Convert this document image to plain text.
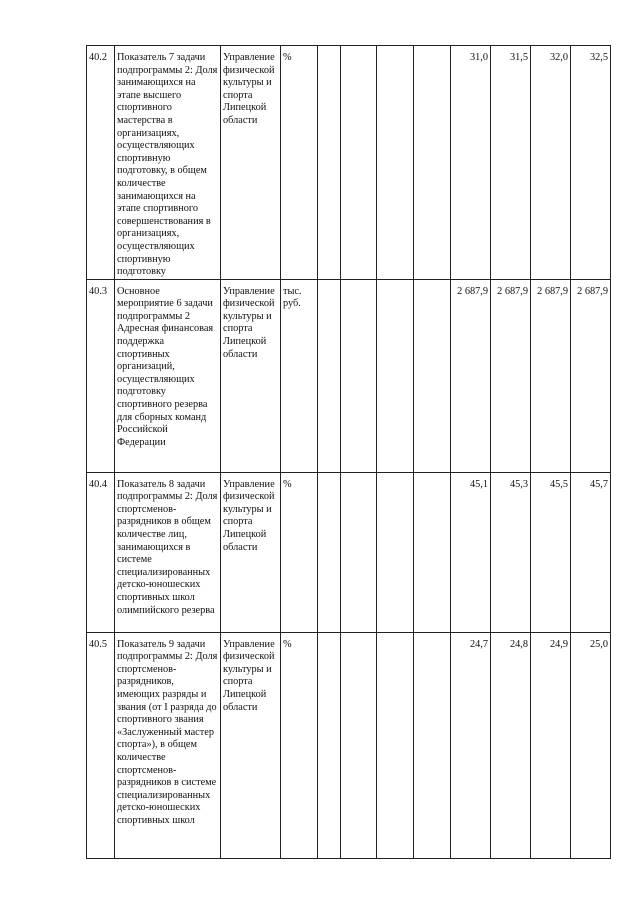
40.2	Показатель 7 задачи подпрограммы 2: Доля занимающихся на этапе высшего спортивного мастерства в организациях, осуществляющих спортивную подготовку, в общем количестве занимающихся на этапе спортивного совершенствования в организациях, осуществляющих спортивную подготовку	Управление физической культуры и спорта Липецкой области	%					31,0	31,5	32,0	32,5
40.3	Основное мероприятие 6 задачи подпрограммы 2 Адресная финансовая поддержка спортивных организаций, осуществляющих подготовку спортивного резерва для сборных команд Российской Федерации	Управление физической культуры и спорта Липецкой области	тыс. руб.					2 687,9	2 687,9	2 687,9	2 687,9
40.4	Показатель 8 задачи подпрограммы 2: Доля спортсменов-разрядников в общем количестве лиц, занимающихся в системе специализированных детско-юношеских спортивных школ олимпийского резерва	Управление физической культуры и спорта Липецкой области	%					45,1	45,3	45,5	45,7
40.5	Показатель 9 задачи подпрограммы 2: Доля спортсменов-разрядников, имеющих разряды и звания (от I разряда до спортивного звания «Заслуженный мастер спорта»), в общем количестве спортсменов-разрядников в системе специализированных детско-юношеских спортивных школ	Управление физической культуры и спорта Липецкой области	%					24,7	24,8	24,9	25,0
